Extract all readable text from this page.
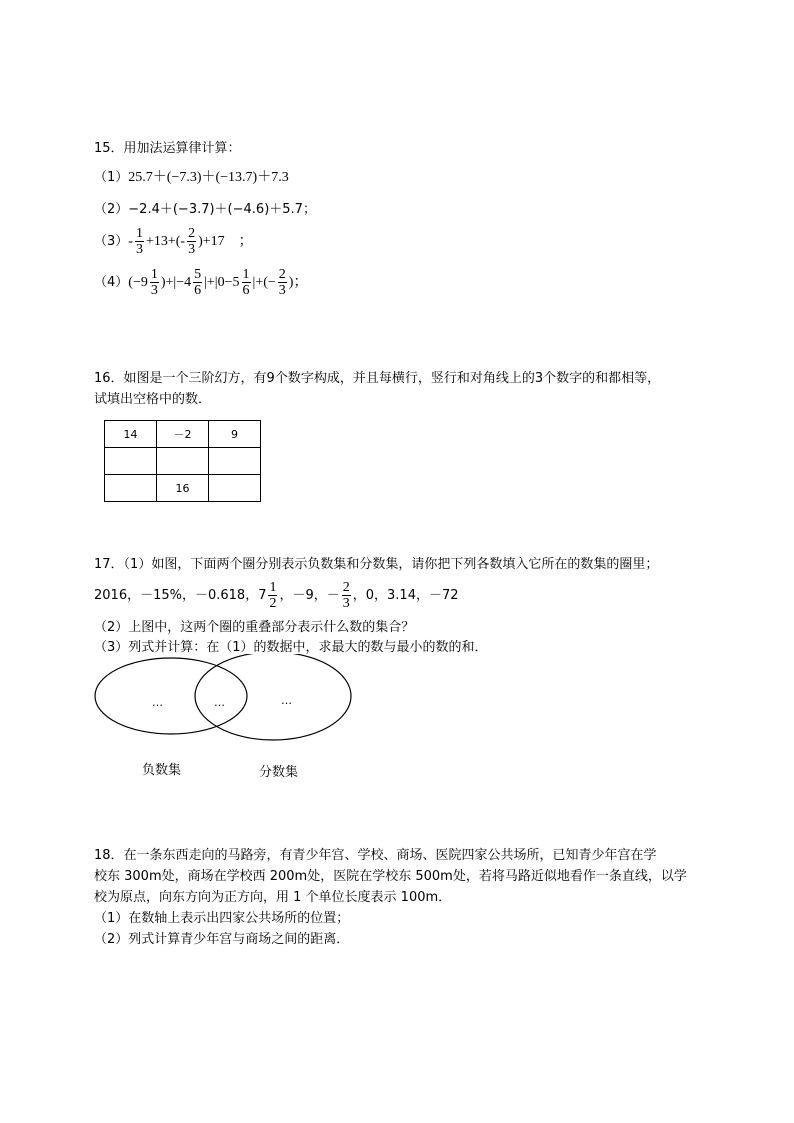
15．用加法运算律计算：
（1）25.7＋(−7.3)＋(−13.7)＋7.3
（2）−2.4＋(−3.7)＋(−4.6)＋5.7；
$(3)- \frac{1}{3} +13+(- \frac{2}{3} )+17$　；
$(4)(-9 \frac{1}{3} )+|-4 \frac{5}{6} |+|0-5 \frac{1}{6}$ |+(− $\frac{2}{3}$ )；
16．如图是一个三阶幻方，有9个数字构成，并且每横行，竖行和对角线上的3个数字的和都相等，
试填出空格中的数．
14	－2	9

	16	
17．（1）如图，下面两个圈分别表示负数集和分数集，请你把下列各数填入它所在的数集的圈里；
2016，－15%，－0.618，$7 \frac{1}{2}$ ，－9，－ $\frac{2}{3}$ ，0，3.14，－72
（2）上图中，这两个圈的重叠部分表示什么数的集合？
（3）列式并计算：在（1）的数据中，求最大的数与最小的数的和．
…	…	…
负数集	分数集
18．在一条东西走向的马路旁，有青少年宫、学校、商场、医院四家公共场所，已知青少年宫在学
校东 300m处，商场在学校西 200m处，医院在学校东 500m处，若将马路近似地看作一条直线，以学
校为原点，向东方向为正方向，用 1 个单位长度表示 100m．
（1）在数轴上表示出四家公共场所的位置；
（2）列式计算青少年宫与商场之间的距离．
